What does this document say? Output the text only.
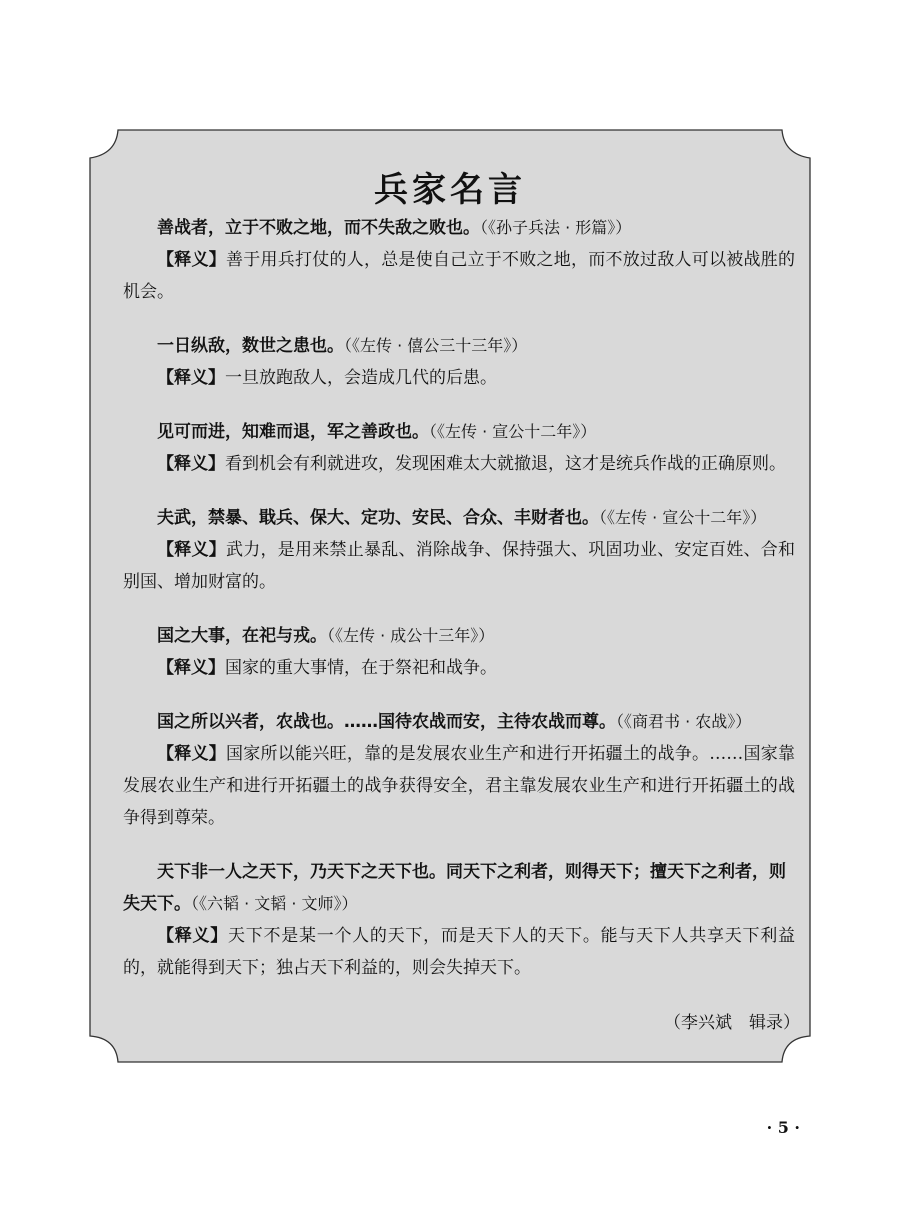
兵家名言

善战者，立于不败之地，而不失敌之败也。（《孙子兵法 · 形篇》）

【释义】善于用兵打仗的人，总是使自己立于不败之地，而不放过敌人可以被战胜的机会。

一日纵敌，数世之患也。（《左传 · 僖公三十三年》）

【释义】一旦放跑敌人，会造成几代的后患。

见可而进，知难而退，军之善政也。（《左传 · 宣公十二年》）

【释义】看到机会有利就进攻，发现困难太大就撤退，这才是统兵作战的正确原则。

夫武，禁暴、戢兵、保大、定功、安民、合众、丰财者也。（《左传 · 宣公十二年》）

【释义】武力，是用来禁止暴乱、消除战争、保持强大、巩固功业、安定百姓、合和别国、增加财富的。

国之大事，在祀与戎。（《左传 · 成公十三年》）

【释义】国家的重大事情，在于祭祀和战争。

国之所以兴者，农战也。……国待农战而安，主待农战而尊。（《商君书 · 农战》）

【释义】国家所以能兴旺，靠的是发展农业生产和进行开拓疆土的战争。……国家靠发展农业生产和进行开拓疆土的战争获得安全，君主靠发展农业生产和进行开拓疆土的战争得到尊荣。

天下非一人之天下，乃天下之天下也。同天下之利者，则得天下；擅天下之利者，则失天下。（《六韬 · 文韬 · 文师》）

【释义】天下不是某一个人的天下，而是天下人的天下。能与天下人共享天下利益的，就能得到天下；独占天下利益的，则会失掉天下。

（李兴斌　辑录）
· 5 ·
